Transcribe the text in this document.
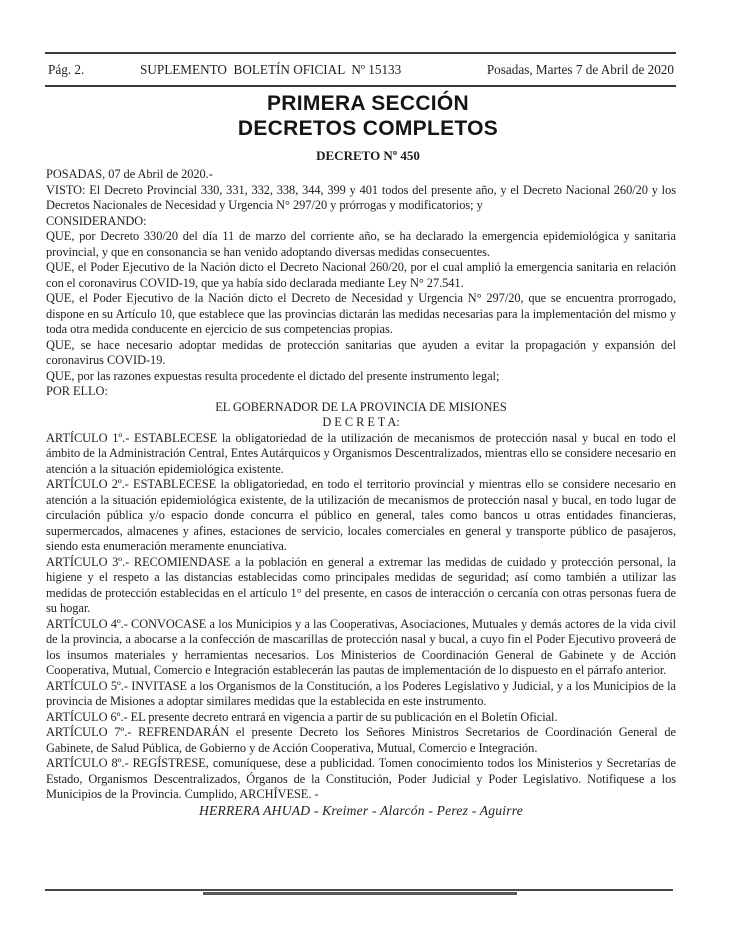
Pág. 2.	SUPLEMENTO  BOLETÍN OFICIAL  Nº 15133	Posadas, Martes 7 de Abril de 2020
PRIMERA SECCIÓN
DECRETOS COMPLETOS
DECRETO Nº 450

POSADAS, 07 de Abril de 2020.-

VISTO: El Decreto Provincial 330, 331, 332, 338, 344, 399 y 401 todos del presente año, y el Decreto Nacional 260/20 y los Decretos Nacionales de Necesidad y Urgencia N° 297/20 y prórrogas y modificatorios; y

CONSIDERANDO:

QUE, por Decreto 330/20 del día 11 de marzo del corriente año, se ha declarado la emergencia epidemiológica y sanitaria provincial, y que en consonancia se han venido adoptando diversas medidas consecuentes.

QUE, el Poder Ejecutivo de la Nación dicto el Decreto Nacional 260/20, por el cual amplió la emergencia sanitaria en relación con el coronavirus COVID-19, que ya había sido declarada mediante Ley N° 27.541.

QUE, el Poder Ejecutivo de la Nación dicto el Decreto de Necesidad y Urgencia N° 297/20, que se encuentra prorrogado, dispone en su Artículo 10, que establece que las provincias dictarán las medidas necesarias para la implementación del mismo y toda otra medida conducente en ejercicio de sus competencias propias.

QUE, se hace necesario adoptar medidas de protección sanitarias que ayuden a evitar la propagación y expansión del coronavirus COVID-19.

QUE, por las razones expuestas resulta procedente el dictado del presente instrumento legal;

POR ELLO:

EL GOBERNADOR DE LA PROVINCIA DE MISIONES

D E C R E T A:

ARTÍCULO 1º.- ESTABLECESE la obligatoriedad de la utilización de mecanismos de protección nasal y bucal en todo el ámbito de la Administración Central, Entes Autárquicos y Organismos Descentralizados, mientras ello se considere necesario en atención a la situación epidemiológica existente.

ARTÍCULO 2º.- ESTABLECESE la obligatoriedad, en todo el territorio provincial y mientras ello se considere necesario en atención a la situación epidemiológica existente, de la utilización de mecanismos de protección nasal y bucal, en todo lugar de circulación pública y/o espacio donde concurra el público en general, tales como bancos u otras entidades financieras, supermercados, almacenes y afines, estaciones de servicio, locales comerciales en general y transporte público de pasajeros, siendo esta enumeración meramente enunciativa.

ARTÍCULO 3º.- RECOMIENDASE a la población en general a extremar las medidas de cuidado y protección personal, la higiene y el respeto a las distancias establecidas como principales medidas de seguridad; así como también a utilizar las medidas de protección establecidas en el artículo 1° del presente, en casos de interacción o cercanía con otras personas fuera de su hogar.

ARTÍCULO 4º.- CONVOCASE a los Municipios y a las Cooperativas, Asociaciones, Mutuales y demás actores de la vida civil de la provincia, a abocarse a la confección de mascarillas de protección nasal y bucal, a cuyo fin el Poder Ejecutivo proveerá de los insumos materiales y herramientas necesarios. Los Ministerios de Coordinación General de Gabinete y de Acción Cooperativa, Mutual, Comercio e Integración establecerán las pautas de implementación de lo dispuesto en el párrafo anterior.

ARTÍCULO 5º.- INVITASE a los Organismos de la Constitución, a los Poderes Legislativo y Judicial, y a los Municipios de la provincia de Misiones a adoptar similares medidas que la establecida en este instrumento.

ARTÍCULO 6º.- EL presente decreto entrará en vigencia a partir de su publicación en el Boletín Oficial.

ARTÍCULO 7º.- REFRENDARÁN el presente Decreto los Señores Ministros Secretarios de Coordinación General de Gabinete, de Salud Pública, de Gobierno y de Acción Cooperativa, Mutual, Comercio e Integración.

ARTÍCULO 8º.- REGÍSTRESE, comuníquese, dese a publicidad. Tomen conocimiento todos los Ministerios y Secretarías de Estado, Organismos Descentralizados, Órganos de la Constitución, Poder Judicial y Poder Legislativo. Notifiquese a los Municipios de la Provincia. Cumplido, ARCHÍVESE. -

HERRERA AHUAD - Kreimer - Alarcón - Perez - Aguirre
